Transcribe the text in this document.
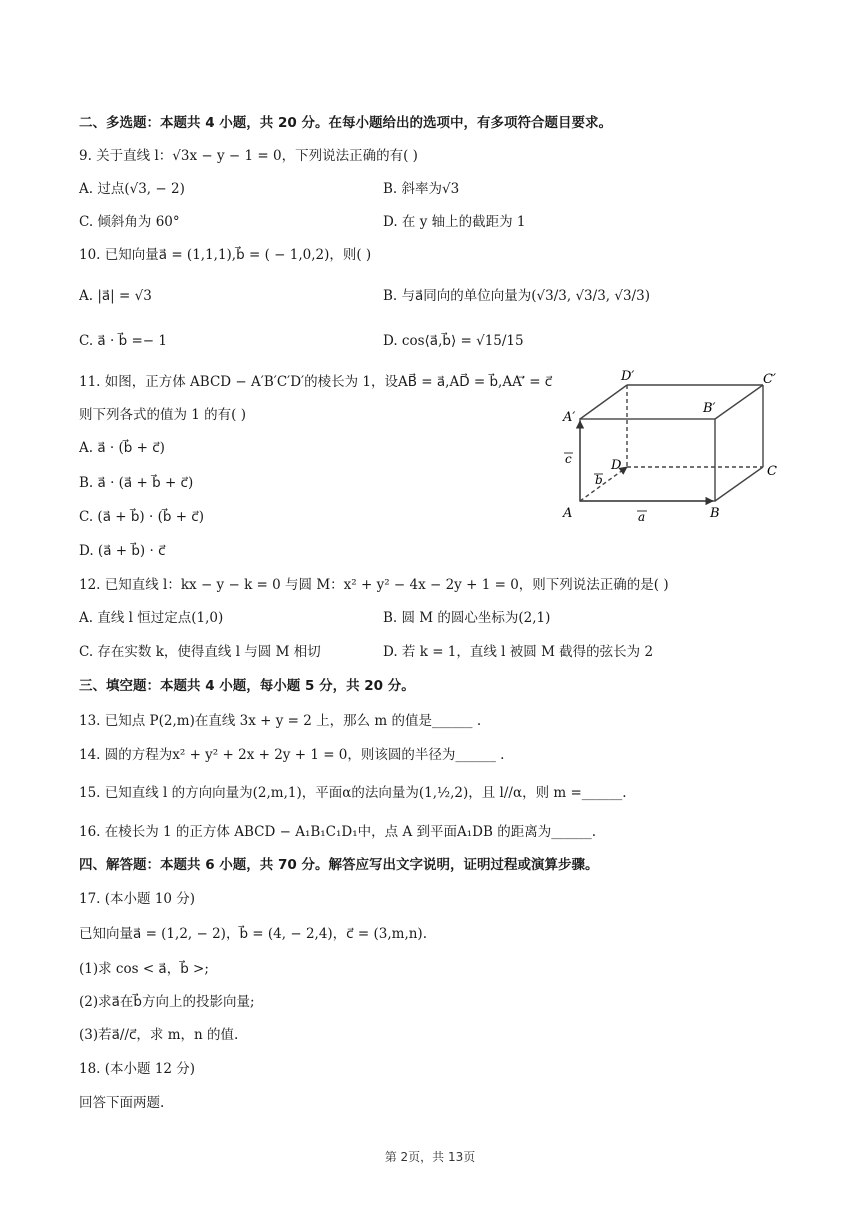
二、多选题：本题共 4 小题，共 20 分。在每小题给出的选项中，有多项符合题目要求。
9. 关于直线 l：√3x − y − 1 = 0，下列说法正确的有( )
A. 过点(√3, − 2)	B. 斜率为√3
C. 倾斜角为 60°	D. 在 y 轴上的截距为 1
10. 已知向量a⃗ = (1,1,1),b⃗ = ( − 1,0,2)，则( )
A. |a⃗| = √3	B. 与a⃗同向的单位向量为(√3/3, √3/3, √3/3)
C. a⃗ · b⃗ =− 1	D. cos⟨a⃗,b⃗⟩ = √15/15
11. 如图，正方体 ABCD − A′B′C′D′的棱长为 1，设AB⃗ = a⃗,AD⃗ = b⃗,AA′⃗ = c⃗
则下列各式的值为 1 的有( )
A. a⃗ · (b⃗ + c⃗)
B. a⃗ · (a⃗ + b⃗ + c⃗)
C. (a⃗ + b⃗) · (b⃗ + c⃗)
D. (a⃗ + b⃗) · c⃗
A	B
C
D
A′
B′
C′
D′
a
b
c
12. 已知直线 l：kx − y − k = 0 与圆 M：x² + y² − 4x − 2y + 1 = 0，则下列说法正确的是( )
A. 直线 l 恒过定点(1,0)	B. 圆 M 的圆心坐标为(2,1)
C. 存在实数 k，使得直线 l 与圆 M 相切	D. 若 k = 1，直线 l 被圆 M 截得的弦长为 2
三、填空题：本题共 4 小题，每小题 5 分，共 20 分。
13. 已知点 P(2,m)在直线 3x + y = 2 上，那么 m 的值是______ .
14. 圆的方程为x² + y² + 2x + 2y + 1 = 0，则该圆的半径为______ .
15. 已知直线 l 的方向向量为(2,m,1)，平面α的法向量为(1,½,2)，且 l//α，则 m =______.
16. 在棱长为 1 的正方体 ABCD − A₁B₁C₁D₁中，点 A 到平面A₁DB 的距离为______.
四、解答题：本题共 6 小题，共 70 分。解答应写出文字说明，证明过程或演算步骤。
17. (本小题 10 分)
已知向量a⃗ = (1,2, − 2)，b⃗ = (4, − 2,4)，c⃗ = (3,m,n).
(1)求 cos < a⃗，b⃗ >;
(2)求a⃗在b⃗方向上的投影向量;
(3)若a⃗//c⃗，求 m，n 的值.
18. (本小题 12 分)
回答下面两题.
第 2页，共 13页
